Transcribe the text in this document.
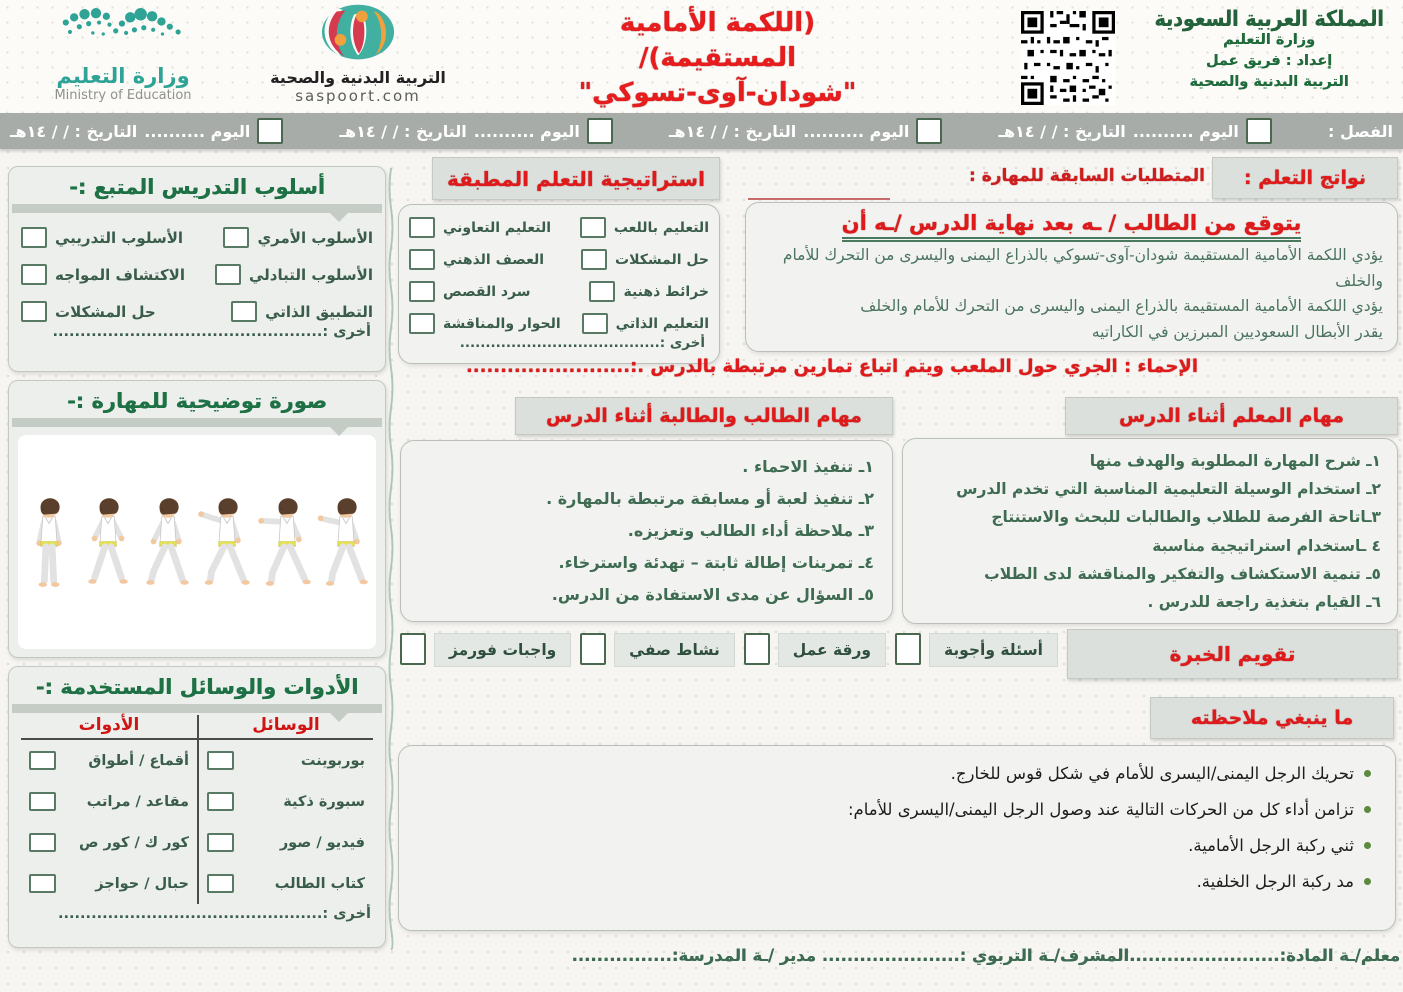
وزارة التعليم
Ministry of Education
التربية البدنية والصحية
saspoort.com
(اللكمة الأمامية المستقيمة)/
"شودان-آوى-تسوكي"
المملكة العربية السعودية
وزارة التعليم
إعداد : فريق عمل
التربية البدنية والصحية
الفصل :
اليوم ..........
التاريخ : / / ١٤هـ
اليوم ..........
التاريخ : / / ١٤هـ
اليوم ..........
التاريخ : / / ١٤هـ
اليوم ..........
التاريخ : / / ١٤هـ
أسلوب التدريس المتبع :-
الأسلوب الأمري
الأسلوب التدريبي
الأسلوب التبادلي
الاكتشاف المواجه
التطبيق الذاتي
حل المشكلات
أخرى :.................................................
صورة توضيحية للمهارة :-
الأدوات والوسائل المستخدمة :-
الوسائل
الأدوات
بوربوينت
سبورة ذكية
فيديو / صور
كتاب الطالب
أقماع / أطواق
مقاعد / مراتب
كور ك / كور ص
حبال / حواجز
أخرى :................................................
استراتيجية التعلم المطبقة
التعليم باللعب
التعليم التعاوني
حل المشكلات
العصف الذهني
خرائط ذهنية
سرد القصص
التعليم الذاتي
الحوار والمناقشة
أخرى :.......................................
نواتج التعلم :
المتطلبات السابقة للمهارة :
يتوقع من الطالب / ـه بعد نهاية الدرس /ـه أن
يؤدي اللكمة الأمامية المستقيمة شودان-آوى-تسوكي بالذراع اليمنى واليسرى من التحرك للأمام والخلف
يؤدي اللكمة الأمامية المستقيمة بالذراع اليمنى واليسرى من التحرك للأمام والخلف
يقدر الأبطال السعوديين المبرزين في الكاراتيه
الإحماء : الجري حول الملعب ويتم اتباع تمارين مرتبطة بالدرس .:........................
مهام الطالب والطالبة أثناء الدرس
١ـ تنفيذ الاحماء .
٢ـ تنفيذ لعبة أو مسابقة مرتبطة بالمهارة .
٣ـ ملاحظة أداء الطالب وتعزيزه.
٤ـ تمرينات إطالة ثابتة – تهدئة واسترخاء.
٥ـ السؤال عن مدى الاستفادة من الدرس.
مهام المعلم أثناء الدرس
١ـ شرح المهارة المطلوبة والهدف منها
٢ـ استخدام الوسيلة التعليمية المناسبة التي تخدم الدرس
٣ـاتاحة الفرصة للطلاب والطالبات للبحث والاستنتاج
٤ ـاستخدام استراتيجية مناسبة
٥ـ تنمية الاستكشاف والتفكير والمناقشة لدى الطلاب
٦ـ القيام بتغذية راجعة للدرس .
تقويم الخبرة
أسئلة وأجوبة
ورقة عمل
نشاط صفي
واجبات فورمز
ما ينبغي ملاحظته
تحريك الرجل اليمنى/اليسرى للأمام في شكل قوس للخارج.
تزامن أداء كل من الحركات التالية عند وصول الرجل اليمنى/اليسرى للأمام:
ثني ركبة الرجل الأمامية.
مد ركبة الرجل الخلفية.
معلم/ـة المادة:........................المشرف/ـة التربوي :...................... مدير /ـة المدرسة:................
